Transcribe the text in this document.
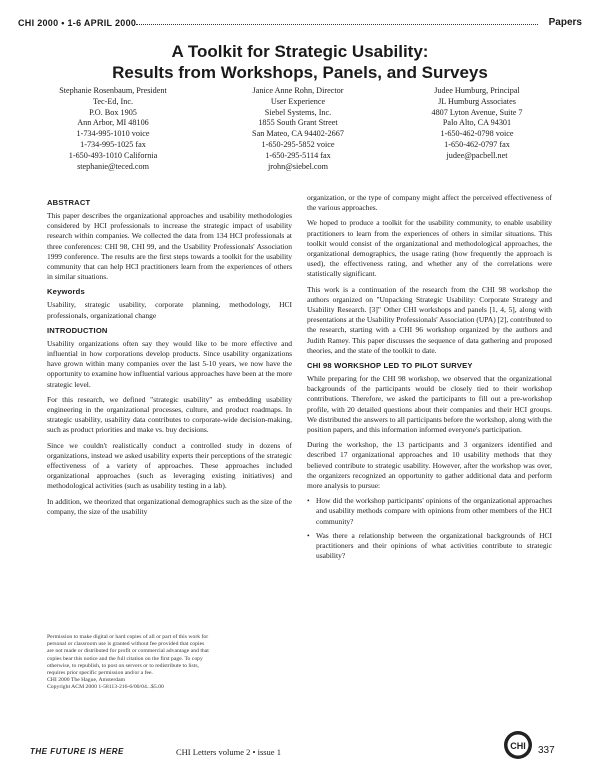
CHI 2000 • 1-6 APRIL 2000	Papers
A Toolkit for Strategic Usability:
Results from Workshops, Panels, and Surveys
Stephanie Rosenbaum, President
Tec-Ed, Inc.
P.O. Box 1905
Ann Arbor, MI 48106
1-734-995-1010 voice
1-734-995-1025 fax
1-650-493-1010 California
stephanie@teced.com
Janice Anne Rohn, Director
User Experience
Siebel Systems, Inc.
1855 South Grant Street
San Mateo, CA 94402-2667
1-650-295-5852 voice
1-650-295-5114 fax
jrohn@siebel.com
Judee Humburg, Principal
JL Humburg Associates
4807 Lyton Avenue, Suite 7
Palo Alto, CA 94301
1-650-462-0798 voice
1-650-462-0797 fax
judee@pacbell.net
ABSTRACT

This paper describes the organizational approaches and usability methodologies considered by HCI professionals to increase the strategic impact of usability research within companies. We collected the data from 134 HCI professionals at three conferences: CHI 98, CHI 99, and the Usability Professionals' Association 1999 conference. The results are the first steps towards a toolkit for the usability community that can help HCI practitioners learn from the experiences of others in similar situations.

Keywords

Usability, strategic usability, corporate planning, methodology, HCI professionals, organizational change

INTRODUCTION

Usability organizations often say they would like to be more effective and influential in how corporations develop products. Since usability organizations have grown within many companies over the last 5-10 years, we now have the opportunity to examine how influential various approaches have been at the more strategic level.

For this research, we defined "strategic usability" as embedding usability engineering in the organizational processes, culture, and product roadmaps. In strategic usability, usability data contributes to corporate-wide decision-making, such as product priorities and make vs. buy decisions.

Since we couldn't realistically conduct a controlled study in dozens of organizations, instead we asked usability experts their perceptions of the strategic effectiveness of a variety of approaches. These approaches included organizational approaches (such as leveraging existing initiatives) and methodological activities (such as usability testing in a lab).

In addition, we theorized that organizational demographics such as the size of the company, the size of the usability

Permission to make digital or hard copies of all or part of this work for
personal or classroom use is granted without fee provided that copies
are not made or distributed for profit or commercial advantage and that
copies bear this notice and the full citation on the first page. To copy
otherwise, to republish, to post on servers or to redistribute to lists,
requires prior specific permission and/or a fee.
CHI 2000 The Hague, Amsterdam
Copyright ACM 2000 1-58113-216-6/00/04...$5.00

organization, or the type of company might affect the perceived effectiveness of the various approaches.

We hoped to produce a toolkit for the usability community, to enable usability practitioners to learn from the experiences of others in similar situations. This toolkit would consist of the organizational and methodological approaches, the organizational demographics, the usage rating (how frequently the approach is used), the effectiveness rating, and whether any of the correlations were statistically significant.

This work is a continuation of the research from the CHI 98 workshop the authors organized on "Unpacking Strategic Usability: Corporate Strategy and Usability Research. [3]" Other CHI workshops and panels [1, 4, 5], along with presentations at the Usability Professionals' Association (UPA) [2], contributed to the research, starting with a CHI 96 workshop organized by the authors and Judith Ramey. This paper discusses the sequence of data gathering and proposed theories, and the state of the toolkit to date.

CHI 98 WORKSHOP LED TO PILOT SURVEY

While preparing for the CHI 98 workshop, we observed that the organizational backgrounds of the participants would be closely tied to their workshop contributions. Therefore, we asked the participants to fill out a pre-workshop profile, with 20 detailed questions about their companies and their HCI groups. We distributed the answers to all participants before the workshop, along with the position papers, and this information informed everyone's participation.

During the workshop, the 13 participants and 3 organizers identified and described 17 organizational approaches and 10 usability methods that they believed contribute to strategic usability. However, after the workshop was over, the organizers recognized an opportunity to gather additional data and perform more analysis to pursue:

• How did the workshop participants' opinions of the organizational approaches and usability methods compare with opinions from other members of the HCI community?
• Was there a relationship between the organizational backgrounds of HCI practitioners and their opinions of what activities contribute to strategic usability?
THE FUTURE IS HERE	CHI Letters volume 2 • issue 1
CHI 337
